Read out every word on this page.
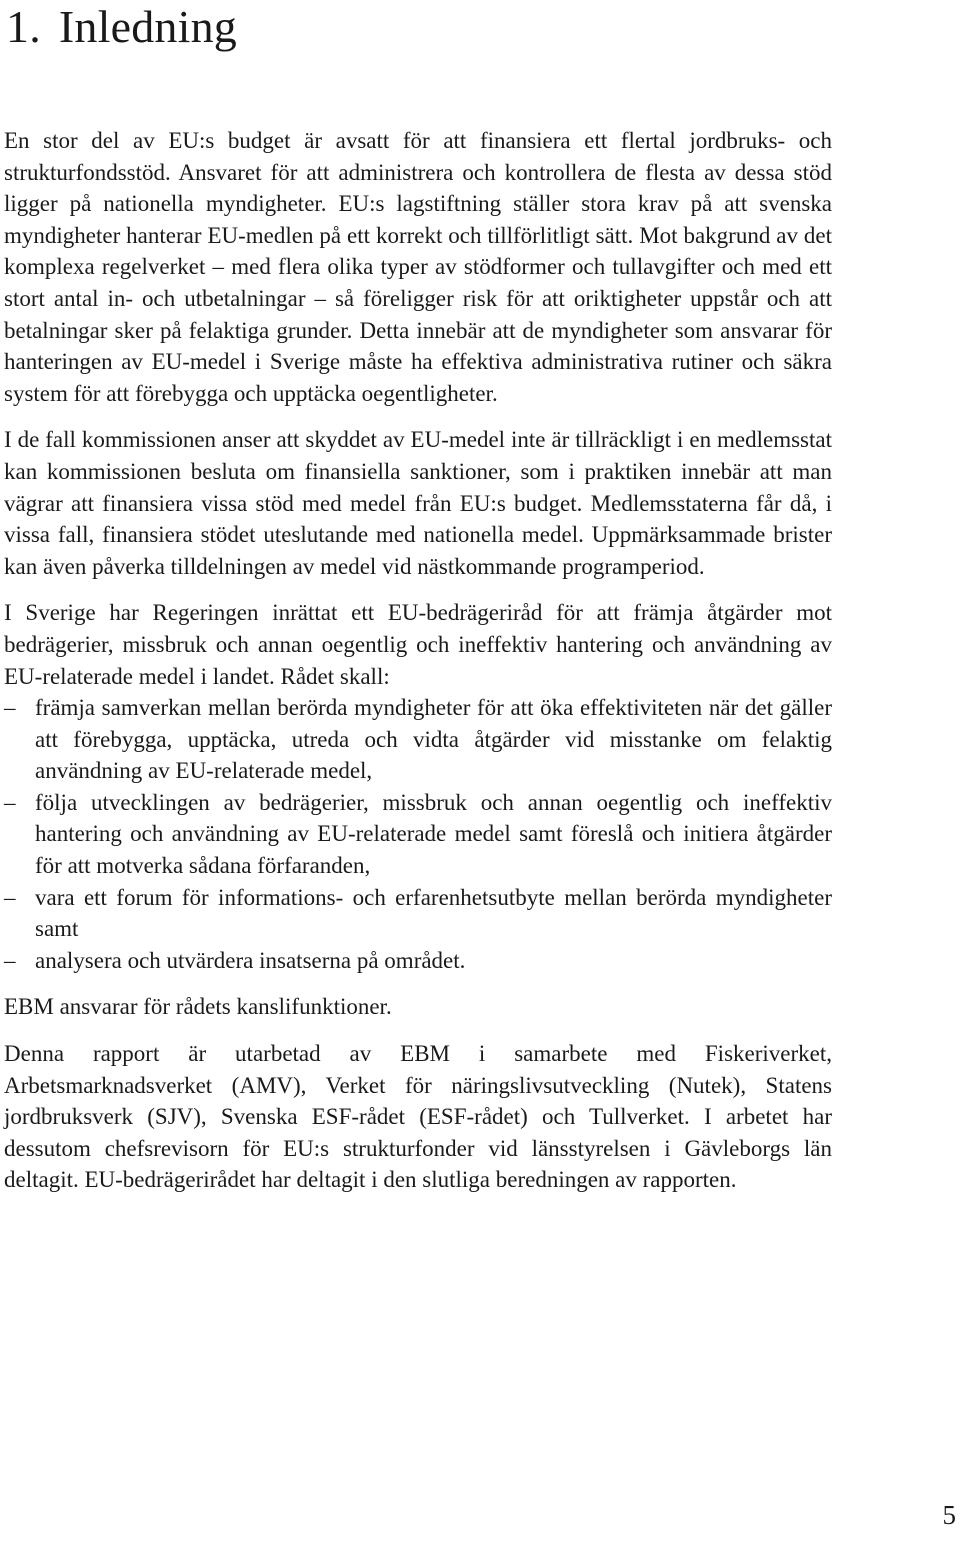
1. Inledning

En stor del av EU:s budget är avsatt för att finansiera ett flertal jordbruks- och strukturfondsstöd. Ansvaret för att administrera och kontrollera de flesta av dessa stöd ligger på nationella myndigheter. EU:s lagstiftning ställer stora krav på att svenska myndigheter hanterar EU-medlen på ett korrekt och tillförlitligt sätt. Mot bakgrund av det komplexa regelverket – med flera olika typer av stödformer och tullavgifter och med ett stort antal in- och utbetalningar – så föreligger risk för att oriktigheter uppstår och att betalningar sker på felaktiga grunder. Detta innebär att de myndigheter som ansvarar för hanteringen av EU-medel i Sverige måste ha effektiva administrativa rutiner och säkra system för att förebygga och upptäcka oegentligheter.

I de fall kommissionen anser att skyddet av EU-medel inte är tillräckligt i en medlemsstat kan kommissionen besluta om finansiella sanktioner, som i praktiken innebär att man vägrar att finansiera vissa stöd med medel från EU:s budget. Medlemsstaterna får då, i vissa fall, finansiera stödet uteslutande med nationella medel. Uppmärksammade brister kan även påverka tilldelningen av medel vid nästkommande programperiod.

I Sverige har Regeringen inrättat ett EU-bedrägeriråd för att främja åtgärder mot bedrägerier, missbruk och annan oegentlig och ineffektiv hantering och användning av EU-relaterade medel i landet. Rådet skall:

– främja samverkan mellan berörda myndigheter för att öka effektiviteten när det gäller att förebygga, upptäcka, utreda och vidta åtgärder vid misstanke om felaktig användning av EU-relaterade medel,
– följa utvecklingen av bedrägerier, missbruk och annan oegentlig och ineffektiv hantering och användning av EU-relaterade medel samt föreslå och initiera åtgärder för att motverka sådana förfaranden,
– vara ett forum för informations- och erfarenhetsutbyte mellan berörda myndigheter samt
– analysera och utvärdera insatserna på området.

EBM ansvarar för rådets kanslifunktioner.

Denna rapport är utarbetad av EBM i samarbete med Fiskeriverket, Arbetsmarknadsverket (AMV), Verket för näringslivsutveckling (Nutek), Statens jordbruksverk (SJV), Svenska ESF-rådet (ESF-rådet) och Tullverket. I arbetet har dessutom chefsrevisorn för EU:s strukturfonder vid länsstyrelsen i Gävleborgs län deltagit. EU-bedrägerirådet har deltagit i den slutliga beredningen av rapporten.

5
